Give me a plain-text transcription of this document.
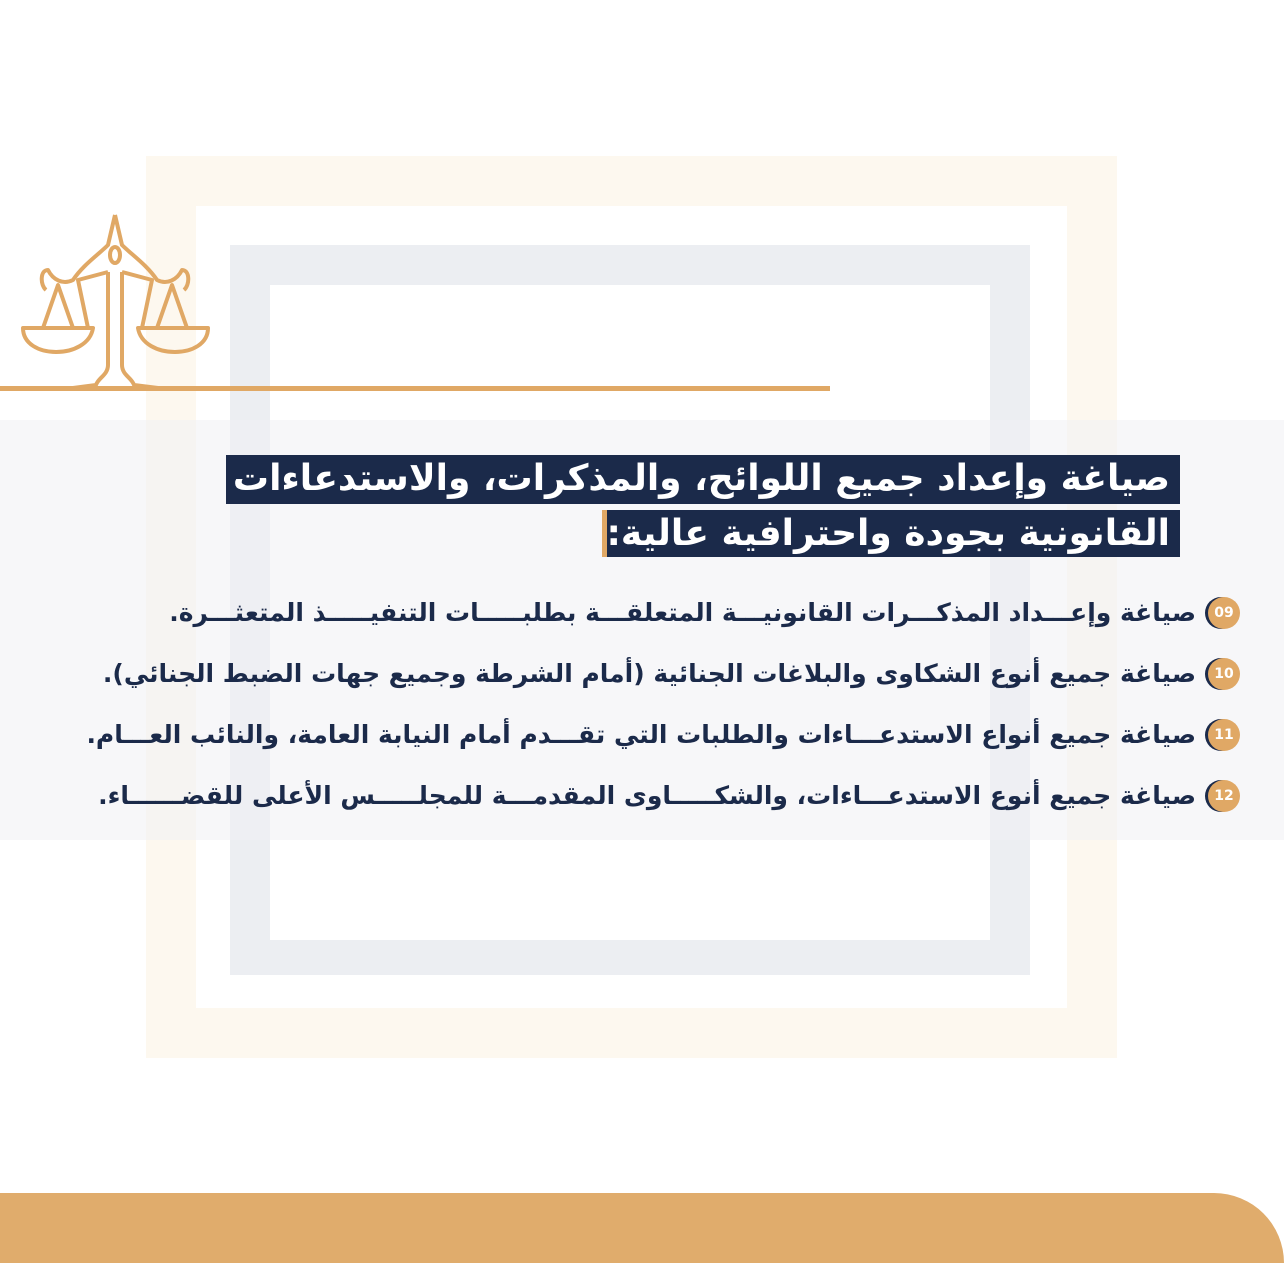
صياغة وإعداد جميع اللوائح، والمذكرات، والاستدعاءات
القانونية بجودة واحترافية عالية:
09
صياغة وإعـــداد المذكـــرات القانونيـــة المتعلقـــة بطلبـــــات التنفيـــــذ المتعثـــرة.
10
صياغة جميع أنوع الشكاوى والبلاغات الجنائية (أمام الشرطة وجميع جهات الضبط الجنائي).
11
صياغة جميع أنواع الاستدعـــاءات والطلبات التي تقـــدم أمام النيابة العامة، والنائب العـــام.
12
صياغة جميع أنوع الاستدعـــاءات، والشكـــــاوى المقدمـــة للمجلـــــس الأعلى للقضــــــاء.
